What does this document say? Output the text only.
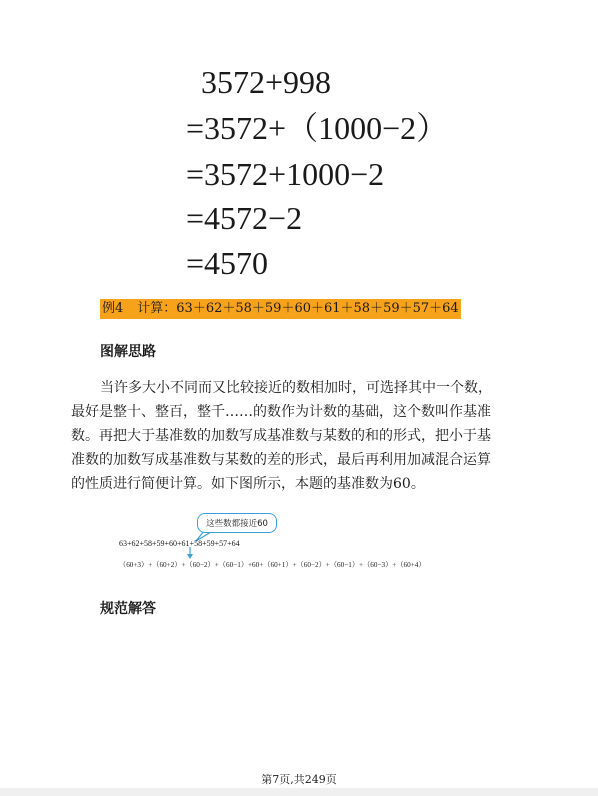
3572+998
=3572+（1000−2）
=3572+1000−2
=4572−2
=4570
例4 计算：63＋62＋58＋59＋60＋61＋58＋59＋57＋64
图解思路
当许多大小不同而又比较接近的数相加时，可选择其中一个数，
最好是整十、整百，整千……的数作为计数的基础，这个数叫作基准
数。再把大于基准数的加数写成基准数与某数的和的形式，把小于基
准数的加数写成基准数与某数的差的形式，最后再利用加减混合运算
的性质进行简便计算。如下图所示，本题的基准数为60。
这些数都接近60
63+62+58+59+60+61+58+59+57+64
（60+3）+（60+2）+（60−2）+（60−1）+60+（60+1）+（60−2）+（60−1）+（60−3）+（60+4）
规范解答
第7页,共249页
